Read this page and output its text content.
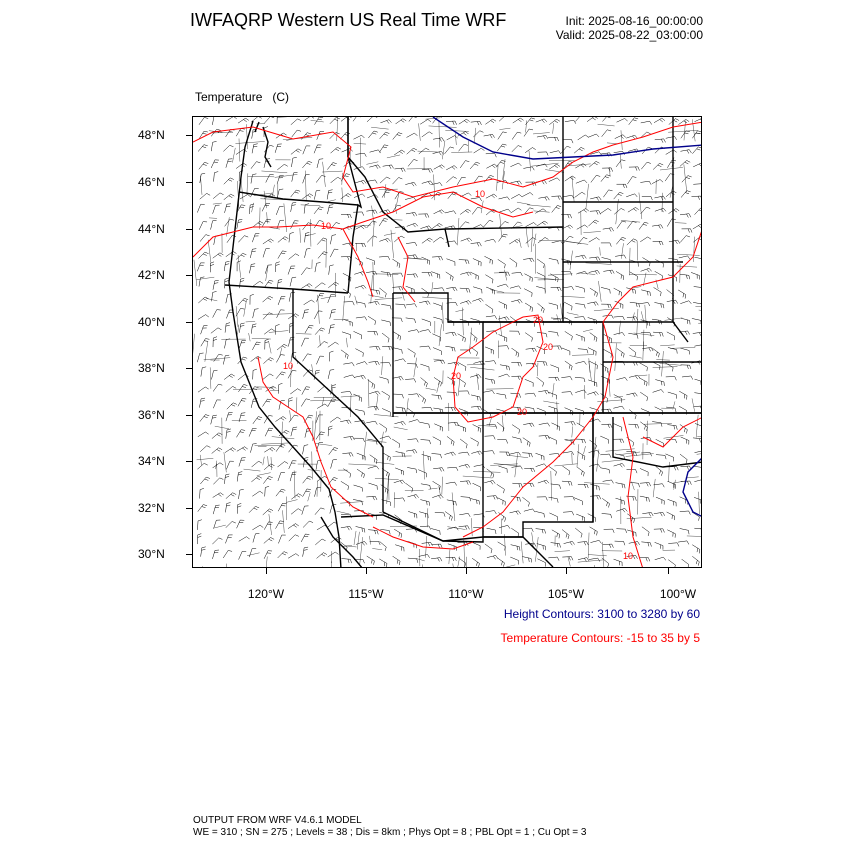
IWFAQRP Western US Real Time WRF	Init: 2025-08-16_00:00:00
Valid: 2025-08-22_03:00:00

Temperature   (C)

48°N
46°N
44°N
42°N
40°N
38°N
36°N
34°N
32°N
30°N
120°W	115°W	110°W	105°W	100°W
10
10
10
20
20
20
20
10
Height Contours: 3100 to 3280 by 60
Temperature Contours: -15 to 35 by 5
OUTPUT FROM WRF V4.6.1 MODEL
WE = 310 ; SN = 275 ; Levels = 38 ; Dis = 8km ; Phys Opt = 8 ; PBL Opt = 1 ; Cu Opt = 3
